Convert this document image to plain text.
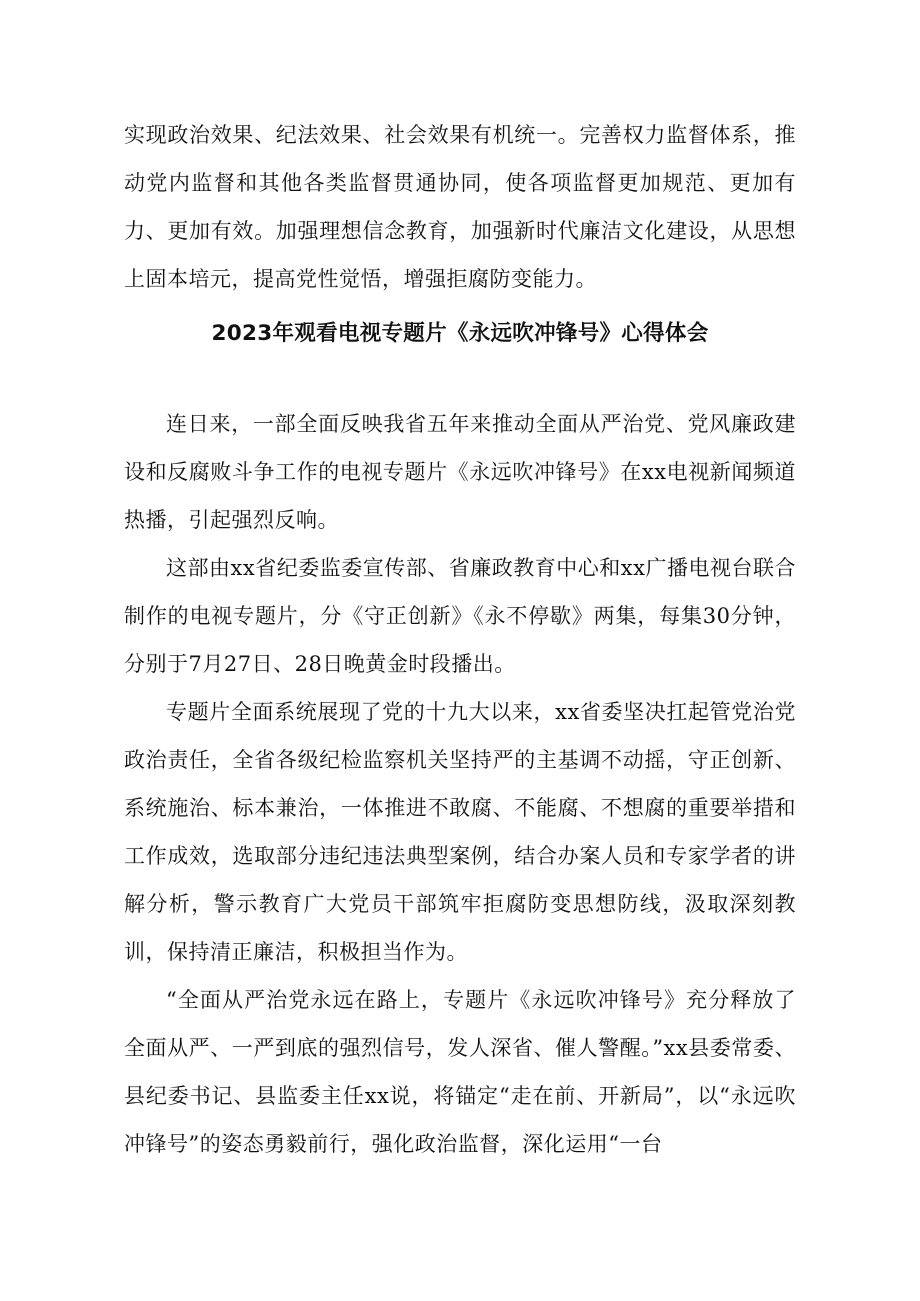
实现政治效果、纪法效果、社会效果有机统一。完善权力监督体系，推动党内监督和其他各类监督贯通协同，使各项监督更加规范、更加有力、更加有效。加强理想信念教育，加强新时代廉洁文化建设，从思想上固本培元，提高党性觉悟，增强拒腐防变能力。

2023年观看电视专题片《永远吹冲锋号》心得体会

连日来，一部全面反映我省五年来推动全面从严治党、党风廉政建设和反腐败斗争工作的电视专题片《永远吹冲锋号》在xx电视新闻频道热播，引起强烈反响。

这部由xx省纪委监委宣传部、省廉政教育中心和xx广播电视台联合制作的电视专题片，分《守正创新》《永不停歇》两集，每集30分钟，分别于7月27日、28日晚黄金时段播出。

专题片全面系统展现了党的十九大以来，xx省委坚决扛起管党治党政治责任，全省各级纪检监察机关坚持严的主基调不动摇，守正创新、系统施治、标本兼治，一体推进不敢腐、不能腐、不想腐的重要举措和工作成效，选取部分违纪违法典型案例，结合办案人员和专家学者的讲解分析，警示教育广大党员干部筑牢拒腐防变思想防线，汲取深刻教训，保持清正廉洁，积极担当作为。

“全面从严治党永远在路上，专题片《永远吹冲锋号》充分释放了全面从严、一严到底的强烈信号，发人深省、催人警醒。”xx县委常委、县纪委书记、县监委主任xx说，将锚定“走在前、开新局”，以“永远吹冲锋号”的姿态勇毅前行，强化政治监督，深化运用“一台
